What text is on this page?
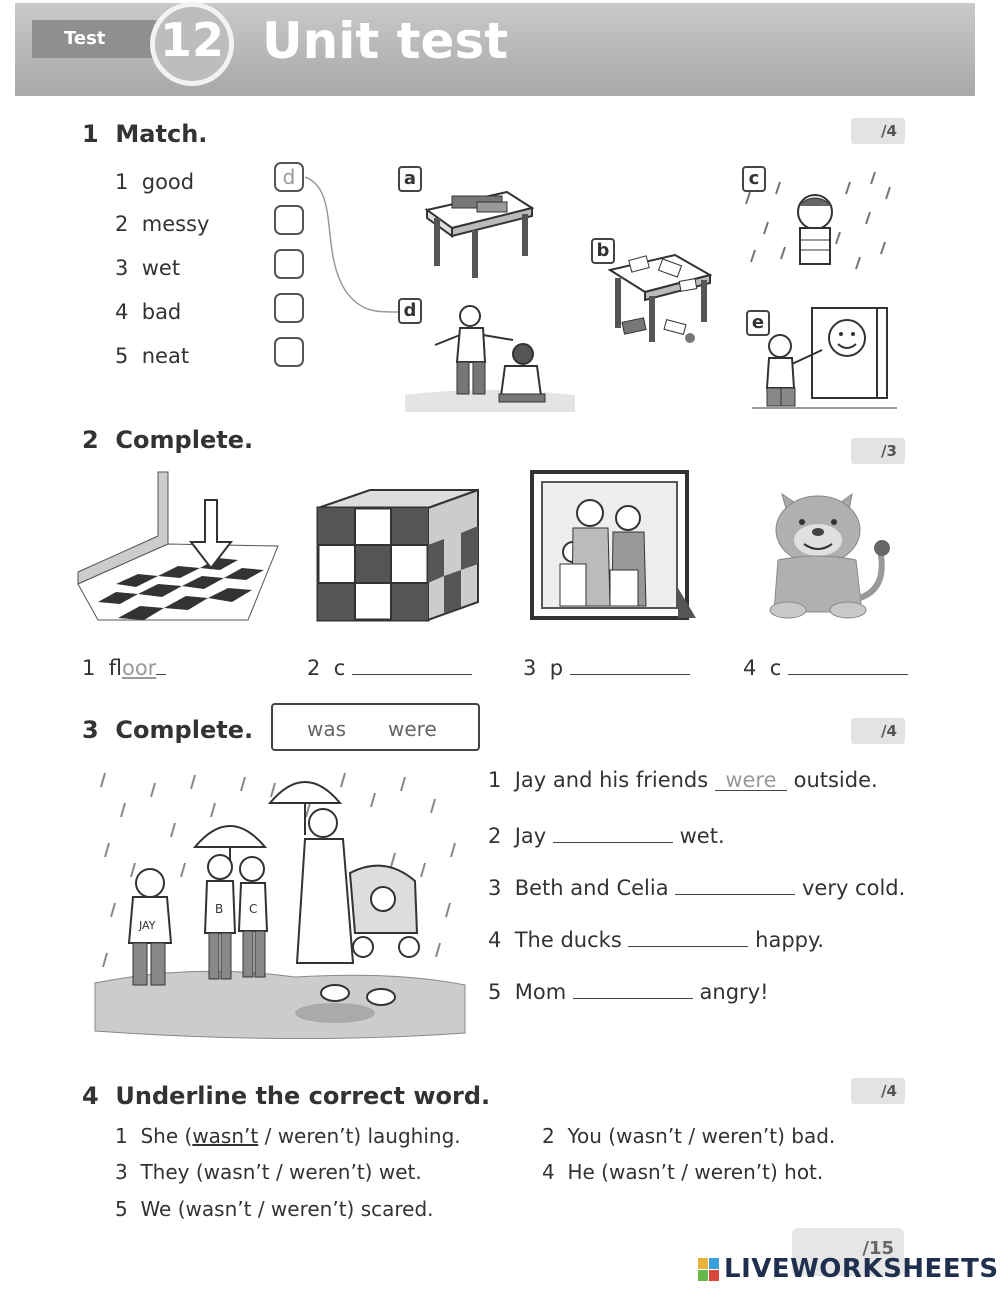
Test 12 Unit test
1 Match.	/4
1 good
2 messy
3 wet
4 bad
5 neat
d	a
b
c
d
e
2 Complete.	/3
1 floor	2 c	3 p	4 c
3 Complete.	was were	/4
JAY
B C
1 Jay and his friends were outside.
2 Jay	wet.
3 Beth and Celia	very cold.
4 The ducks	happy.
5 Mom	angry!
4 Underline the correct word.	/4
1 She (wasn’t / weren’t) laughing.	2 You (wasn’t / weren’t) bad.
3 They (wasn’t / weren’t) wet.	4 He (wasn’t / weren’t) hot.
5 We (wasn’t / weren’t) scared.
/15
LIVEWORKSHEETS
